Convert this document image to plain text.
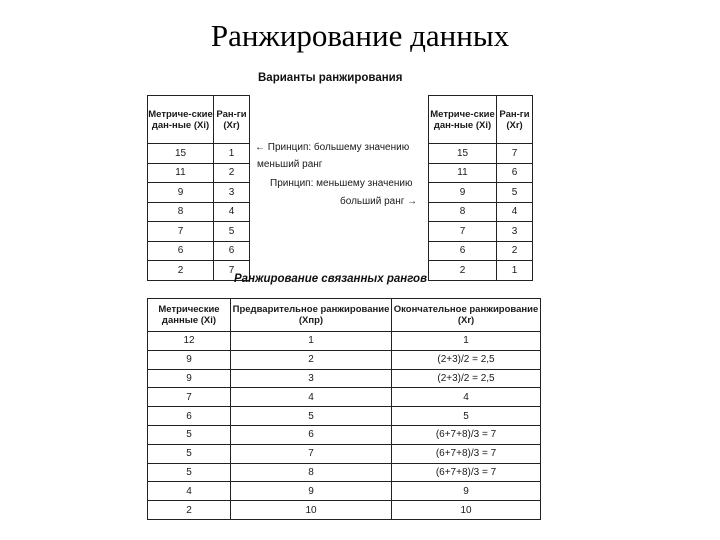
Ранжирование данных
Варианты ранжирования
Метриче-ские дан-ные (Xi)	Ран-ги (Xr)
15	1
11	2
9	3
8	4
7	5
6	6
2	7
← Принцип: большему значению
меньший ранг
Принцип: меньшему значению
больший ранг →
Метриче-ские дан-ные (Xi)	Ран-ги (Xr)
15	7
11	6
9	5
8	4
7	3
6	2
2	1
Ранжирование связанных рангов
Метрические данные (Xi)	Предварительное ранжирование (Xпр)	Окончательное ранжирование (Xr)
12	1	1
9	2	(2+3)/2 = 2,5
9	3	(2+3)/2 = 2,5
7	4	4
6	5	5
5	6	(6+7+8)/3 = 7
5	7	(6+7+8)/3 = 7
5	8	(6+7+8)/3 = 7
4	9	9
2	10	10
